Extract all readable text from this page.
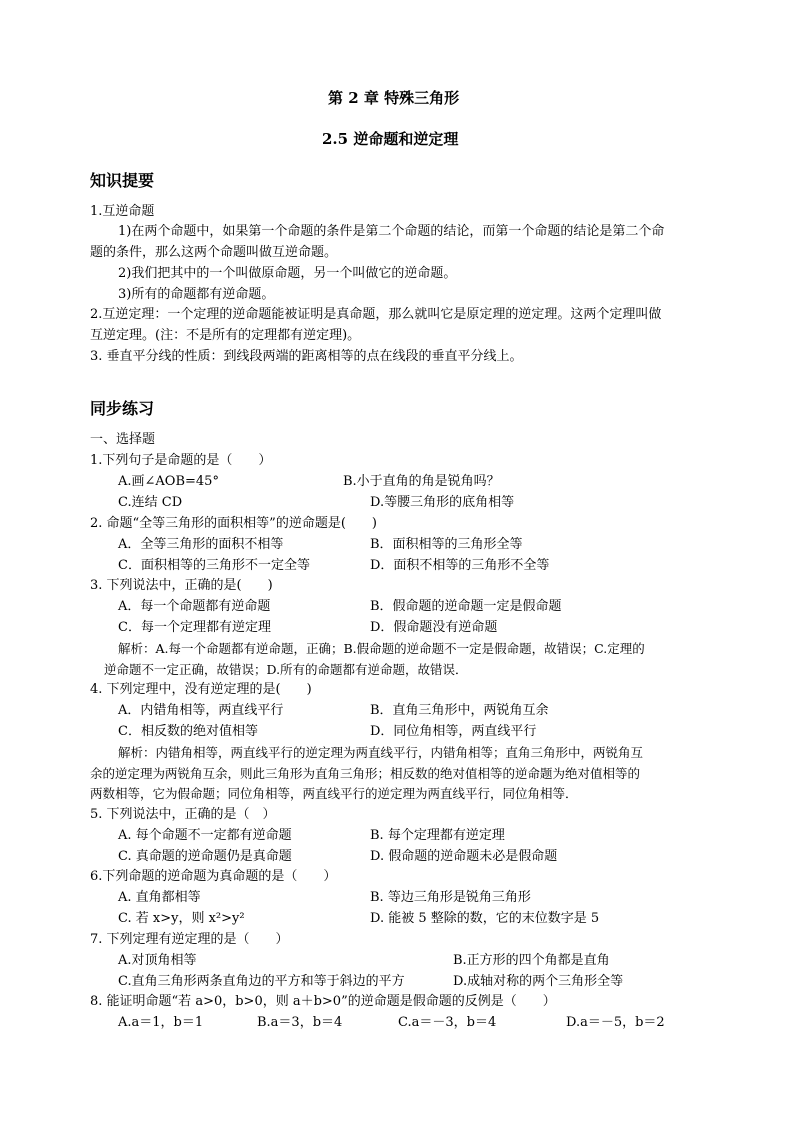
第 2 章 特殊三角形
2.5 逆命题和逆定理
知识提要
1.互逆命题
1)在两个命题中，如果第一个命题的条件是第二个命题的结论，而第一个命题的结论是第二个命
题的条件，那么这两个命题叫做互逆命题。
2)我们把其中的一个叫做原命题，另一个叫做它的逆命题。
3)所有的命题都有逆命题。
2.互逆定理：一个定理的逆命题能被证明是真命题，那么就叫它是原定理的逆定理。这两个定理叫做
互逆定理。(注：不是所有的定理都有逆定理)。
3. 垂直平分线的性质：到线段两端的距离相等的点在线段的垂直平分线上。
同步练习
一、选择题
1.下列句子是命题的是（　　）
A.画∠AOB=45°	B.小于直角的角是锐角吗？
C.连结 CD	D.等腰三角形的底角相等
2. 命题“全等三角形的面积相等”的逆命题是(　　)
A．全等三角形的面积不相等	B．面积相等的三角形全等
C．面积相等的三角形不一定全等	D．面积不相等的三角形不全等
3. 下列说法中，正确的是(　　)
A．每一个命题都有逆命题	B．假命题的逆命题一定是假命题
C．每一个定理都有逆定理	D．假命题没有逆命题
解析：A.每一个命题都有逆命题，正确；B.假命题的逆命题不一定是假命题，故错误；C.定理的
逆命题不一定正确，故错误；D.所有的命题都有逆命题，故错误．
4. 下列定理中，没有逆定理的是(　　)
A．内错角相等，两直线平行	B．直角三角形中，两锐角互余
C．相反数的绝对值相等	D．同位角相等，两直线平行
解析：内错角相等，两直线平行的逆定理为两直线平行，内错角相等；直角三角形中，两锐角互
余的逆定理为两锐角互余，则此三角形为直角三角形；相反数的绝对值相等的逆命题为绝对值相等的
两数相等，它为假命题；同位角相等，两直线平行的逆定理为两直线平行，同位角相等．
5. 下列说法中，正确的是（　）
A. 每个命题不一定都有逆命题	B. 每个定理都有逆定理
C. 真命题的逆命题仍是真命题	D. 假命题的逆命题未必是假命题
6.下列命题的逆命题为真命题的是（　　）
A. 直角都相等	B. 等边三角形是锐角三角形
C. 若 x>y，则 x²>y²	D. 能被 5 整除的数，它的末位数字是 5
7. 下列定理有逆定理的是（　　）
A.对顶角相等	B.正方形的四个角都是直角
C.直角三角形两条直角边的平方和等于斜边的平方	D.成轴对称的两个三角形全等
8. 能证明命题“若 a>0，b>0，则 a＋b>0”的逆命题是假命题的反例是（　　）
A.a＝1，b＝1	B.a＝3，b＝4	C.a＝－3，b＝4	D.a＝－5，b＝2
